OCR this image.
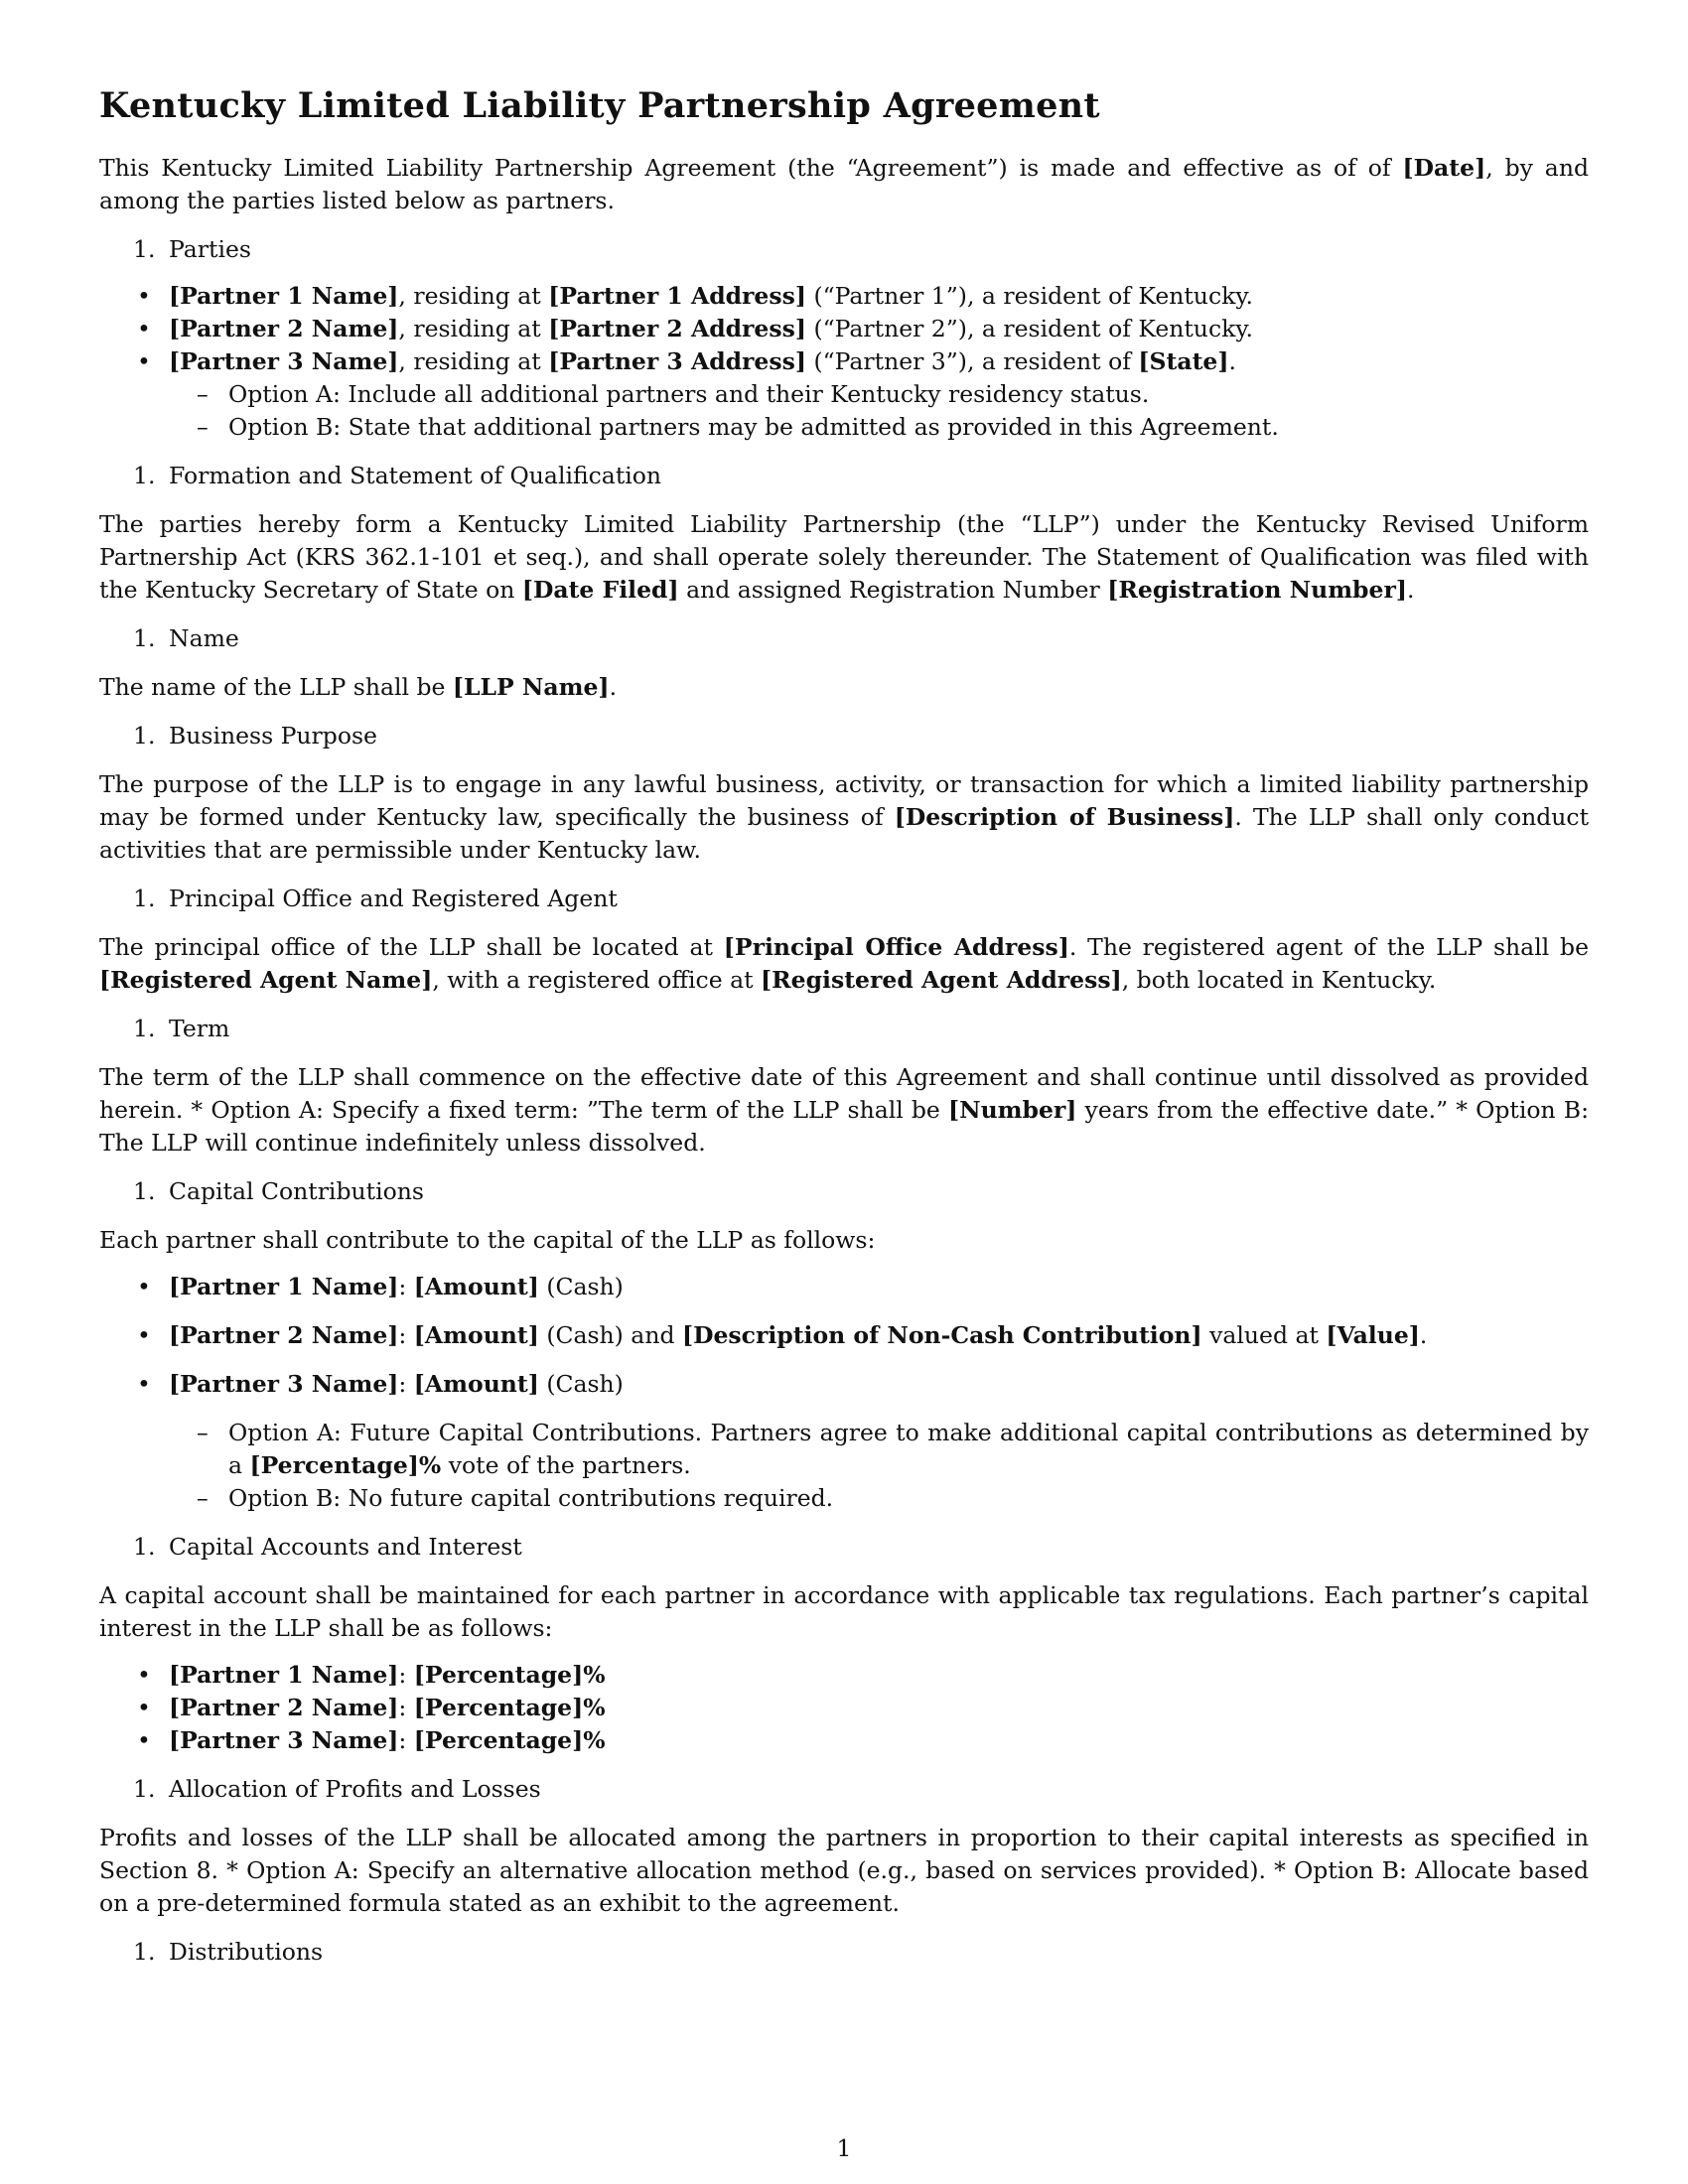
Kentucky Limited Liability Partnership Agreement

This Kentucky Limited Liability Partnership Agreement (the “Agreement”) is made and effective as of of [Date], by and among the parties listed below as partners.

1. Parties
• [Partner 1 Name], residing at [Partner 1 Address] (“Partner 1”), a resident of Kentucky.
• [Partner 2 Name], residing at [Partner 2 Address] (“Partner 2”), a resident of Kentucky.
• [Partner 3 Name], residing at [Partner 3 Address] (“Partner 3”), a resident of [State].
– Option A: Include all additional partners and their Kentucky residency status.
– Option B: State that additional partners may be admitted as provided in this Agreement.
1. Formation and Statement of Qualification

The parties hereby form a Kentucky Limited Liability Partnership (the “LLP”) under the Kentucky Revised Uniform Partnership Act (KRS 362.1-101 et seq.), and shall operate solely thereunder. The Statement of Qualification was filed with the Kentucky Secretary of State on [Date Filed] and assigned Registration Number [Registration Number].

1. Name

The name of the LLP shall be [LLP Name].

1. Business Purpose

The purpose of the LLP is to engage in any lawful business, activity, or transaction for which a limited liability partnership may be formed under Kentucky law, specifically the business of [Description of Business]. The LLP shall only conduct activities that are permissible under Kentucky law.

1. Principal Office and Registered Agent

The principal office of the LLP shall be located at [Principal Office Address]. The registered agent of the LLP shall be [Registered Agent Name], with a registered office at [Registered Agent Address], both located in Kentucky.

1. Term

The term of the LLP shall commence on the effective date of this Agreement and shall continue until dissolved as provided herein. * Option A: Specify a fixed term: ”The term of the LLP shall be [Number] years from the effective date.” * Option B: The LLP will continue indefinitely unless dissolved.

1. Capital Contributions

Each partner shall contribute to the capital of the LLP as follows:

• [Partner 1 Name]: [Amount] (Cash)
• [Partner 2 Name]: [Amount] (Cash) and [Description of Non-Cash Contribution] valued at [Value].
• [Partner 3 Name]: [Amount] (Cash)
– Option A: Future Capital Contributions. Partners agree to make additional capital contributions as determined by a [Percentage]% vote of the partners.
– Option B: No future capital contributions required.
1. Capital Accounts and Interest

A capital account shall be maintained for each partner in accordance with applicable tax regulations. Each partner’s capital interest in the LLP shall be as follows:

• [Partner 1 Name]: [Percentage]%
• [Partner 2 Name]: [Percentage]%
• [Partner 3 Name]: [Percentage]%
1. Allocation of Profits and Losses

Profits and losses of the LLP shall be allocated among the partners in proportion to their capital interests as specified in Section 8. * Option A: Specify an alternative allocation method (e.g., based on services provided). * Option B: Allocate based on a pre-determined formula stated as an exhibit to the agreement.

1. Distributions
1
